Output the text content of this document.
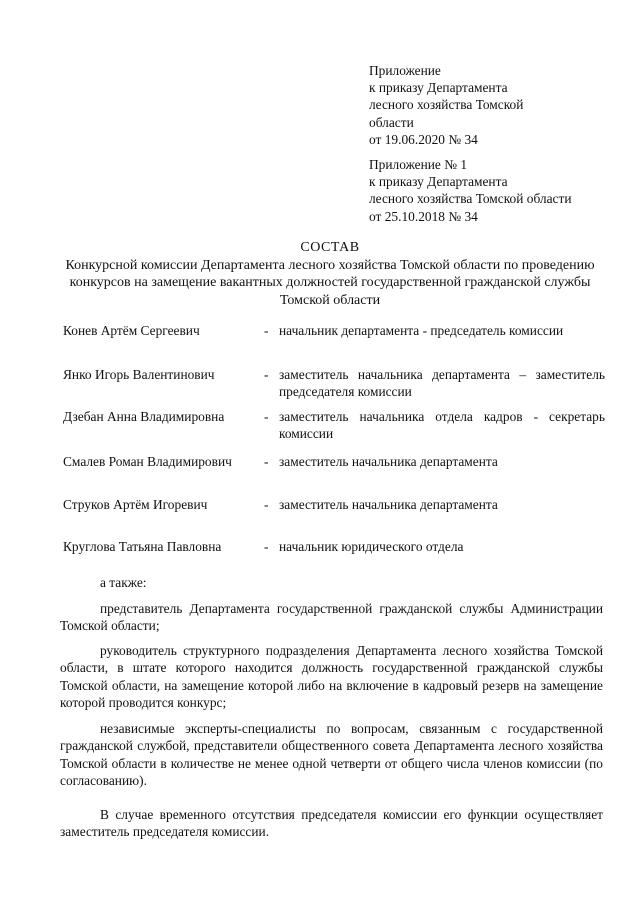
Приложение
к приказу Департамента
лесного хозяйства Томской
области
от 19.06.2020 № 34
Приложение № 1
к приказу Департамента
лесного хозяйства Томской области
от 25.10.2018 № 34
СОСТАВ
Конкурсной комиссии Департамента лесного хозяйства Томской области по проведению
конкурсов на замещение вакантных должностей государственной гражданской службы
Томской области
Конев Артём Сергеевич	- начальник департамента - председатель комиссии
Янко Игорь Валентинович	- заместитель начальника департамента – заместитель председателя комиссии
Дзебан Анна Владимировна	- заместитель начальника отдела кадров - секретарь комиссии
Смалев Роман Владимирович - заместитель начальника департамента
Струков Артём Игоревич	- заместитель начальника департамента
Круглова Татьяна Павловна	- начальник юридического отдела
а также:

представитель Департамента государственной гражданской службы Администрации Томской области;

руководитель структурного подразделения Департамента лесного хозяйства Томской области, в штате которого находится должность государственной гражданской службы Томской области, на замещение которой либо на включение в кадровый резерв на замещение которой проводится конкурс;

независимые эксперты-специалисты по вопросам, связанным с государственной гражданской службой, представители общественного совета Департамента лесного хозяйства Томской области в количестве не менее одной четверти от общего числа членов комиссии (по согласованию).

В случае временного отсутствия председателя комиссии его функции осуществляет заместитель председателя комиссии.
